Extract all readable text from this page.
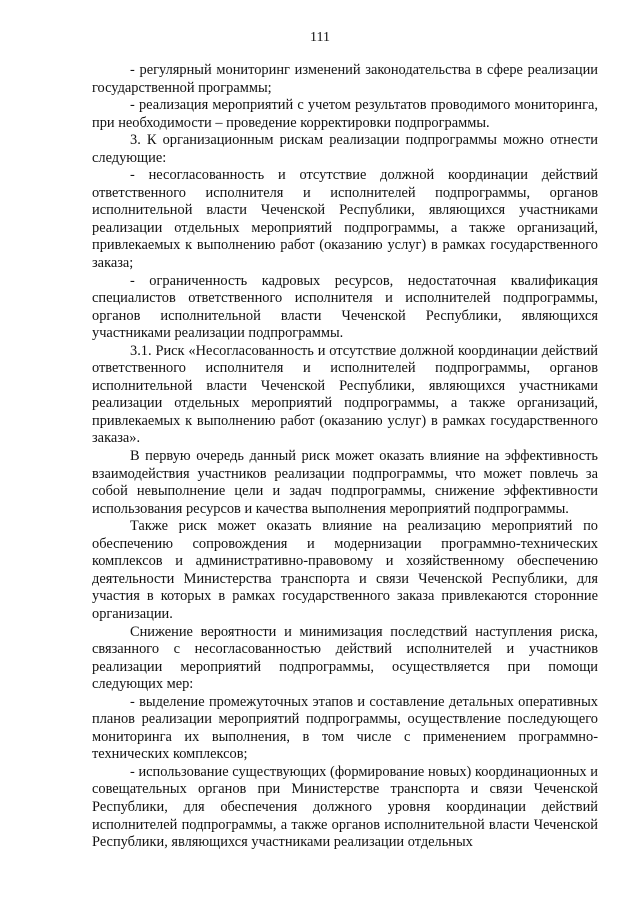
111

- регулярный мониторинг изменений законодательства в сфере реализации государственной программы;

- реализация мероприятий с учетом результатов проводимого мониторинга, при необходимости – проведение корректировки подпрограммы.

3. К организационным рискам реализации подпрограммы можно отнести следующие:

- несогласованность и отсутствие должной координации действий ответственного исполнителя и исполнителей подпрограммы, органов исполнительной власти Чеченской Республики, являющихся участниками реализации отдельных мероприятий подпрограммы, а также организаций, привлекаемых к выполнению работ (оказанию услуг) в рамках государственного заказа;

- ограниченность кадровых ресурсов, недостаточная квалификация специалистов ответственного исполнителя и исполнителей подпрограммы, органов исполнительной власти Чеченской Республики, являющихся участниками реализации подпрограммы.

3.1. Риск «Несогласованность и отсутствие должной координации действий ответственного исполнителя и исполнителей подпрограммы, органов исполнительной власти Чеченской Республики, являющихся участниками реализации отдельных мероприятий подпрограммы, а также организаций, привлекаемых к выполнению работ (оказанию услуг) в рамках государственного заказа».

В первую очередь данный риск может оказать влияние на эффективность взаимодействия участников реализации подпрограммы, что может повлечь за собой невыполнение цели и задач подпрограммы, снижение эффективности использования ресурсов и качества выполнения мероприятий подпрограммы.

Также риск может оказать влияние на реализацию мероприятий по обеспечению сопровождения и модернизации программно-технических комплексов и административно-правовому и хозяйственному обеспечению деятельности Министерства транспорта и связи Чеченской Республики, для участия в которых в рамках государственного заказа привлекаются сторонние организации.

Снижение вероятности и минимизация последствий наступления риска, связанного с несогласованностью действий исполнителей и участников реализации мероприятий подпрограммы, осуществляется при помощи следующих мер:

- выделение промежуточных этапов и составление детальных оперативных планов реализации мероприятий подпрограммы, осуществление последующего мониторинга их выполнения, в том числе с применением программно-технических комплексов;

- использование существующих (формирование новых) координационных и совещательных органов при Министерстве транспорта и связи Чеченской Республики, для обеспечения должного уровня координации действий исполнителей подпрограммы, а также органов исполнительной власти Чеченской Республики, являющихся участниками реализации отдельных
